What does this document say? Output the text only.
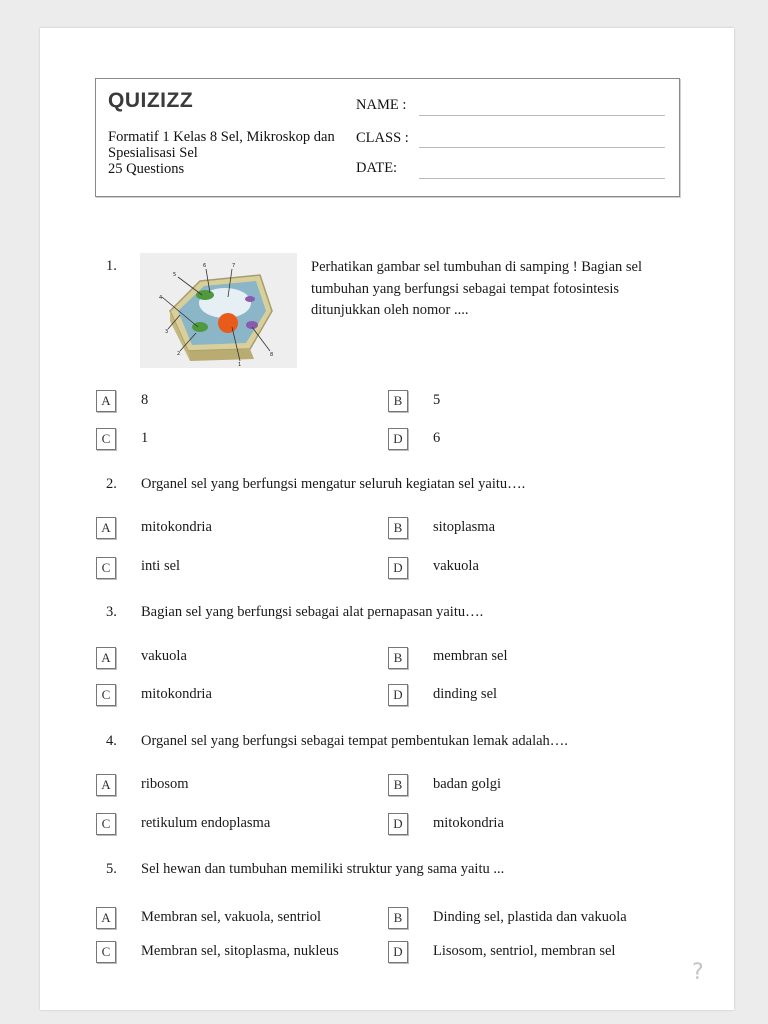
QUIZIZZ
Formatif 1 Kelas 8 Sel, Mikroskop dan Spesialisasi Sel
25 Questions
NAME :
CLASS :
DATE:
1.
5
6	7
4
3
2
1
8
Perhatikan gambar sel tumbuhan di samping ! Bagian sel
tumbuhan yang berfungsi sebagai tempat fotosintesis
ditunjukkan oleh nomor ....
A	8	B	5
C	1	D	6
2. Organel sel yang berfungsi mengatur seluruh kegiatan sel yaitu….
A	mitokondria	B	sitoplasma
C	inti sel	D	vakuola
3. Bagian sel yang berfungsi sebagai alat pernapasan yaitu….
A	vakuola	B	membran sel
C	mitokondria	D	dinding sel
4. Organel sel yang berfungsi sebagai tempat pembentukan lemak adalah….
A	ribosom	B	badan golgi
C	retikulum endoplasma	D	mitokondria
5. Sel hewan dan tumbuhan memiliki struktur yang sama yaitu ...
A	Membran sel, vakuola, sentriol	B	Dinding sel, plastida dan vakuola
C	Membran sel, sitoplasma, nukleus	D	Lisosom, sentriol, membran sel
?
